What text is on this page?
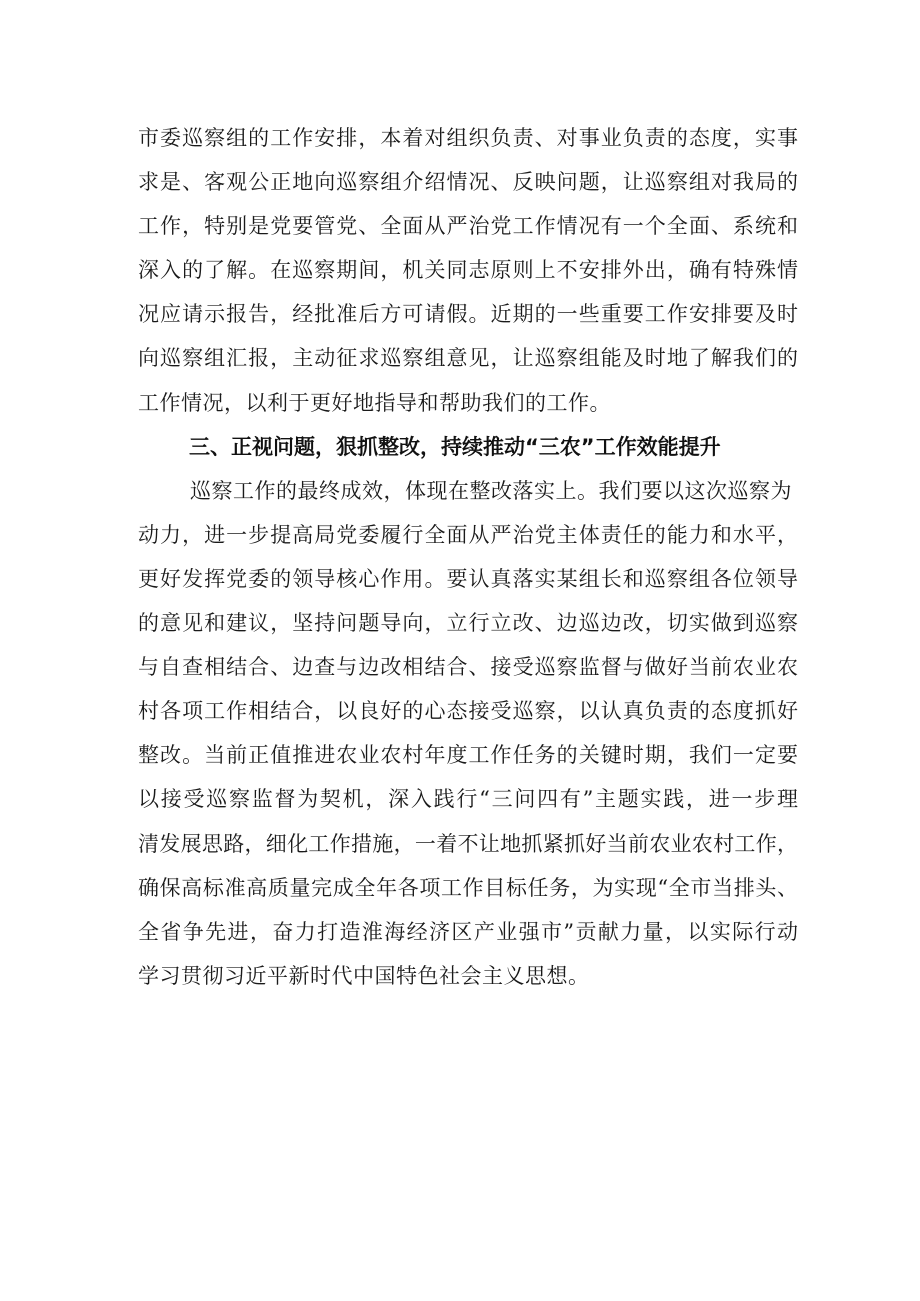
市委巡察组的工作安排，本着对组织负责、对事业负责的态度，实事
求是、客观公正地向巡察组介绍情况、反映问题，让巡察组对我局的
工作，特别是党要管党、全面从严治党工作情况有一个全面、系统和
深入的了解。在巡察期间，机关同志原则上不安排外出，确有特殊情
况应请示报告，经批准后方可请假。近期的一些重要工作安排要及时
向巡察组汇报，主动征求巡察组意见，让巡察组能及时地了解我们的
工作情况，以利于更好地指导和帮助我们的工作。
三、正视问题，狠抓整改，持续推动“三农”工作效能提升
巡察工作的最终成效，体现在整改落实上。我们要以这次巡察为
动力，进一步提高局党委履行全面从严治党主体责任的能力和水平，
更好发挥党委的领导核心作用。要认真落实某组长和巡察组各位领导
的意见和建议，坚持问题导向，立行立改、边巡边改，切实做到巡察
与自查相结合、边查与边改相结合、接受巡察监督与做好当前农业农
村各项工作相结合，以良好的心态接受巡察，以认真负责的态度抓好
整改。当前正值推进农业农村年度工作任务的关键时期，我们一定要
以接受巡察监督为契机，深入践行“三问四有”主题实践，进一步理
清发展思路，细化工作措施，一着不让地抓紧抓好当前农业农村工作，
确保高标准高质量完成全年各项工作目标任务，为实现“全市当排头、
全省争先进，奋力打造淮海经济区产业强市”贡献力量，以实际行动
学习贯彻习近平新时代中国特色社会主义思想。
